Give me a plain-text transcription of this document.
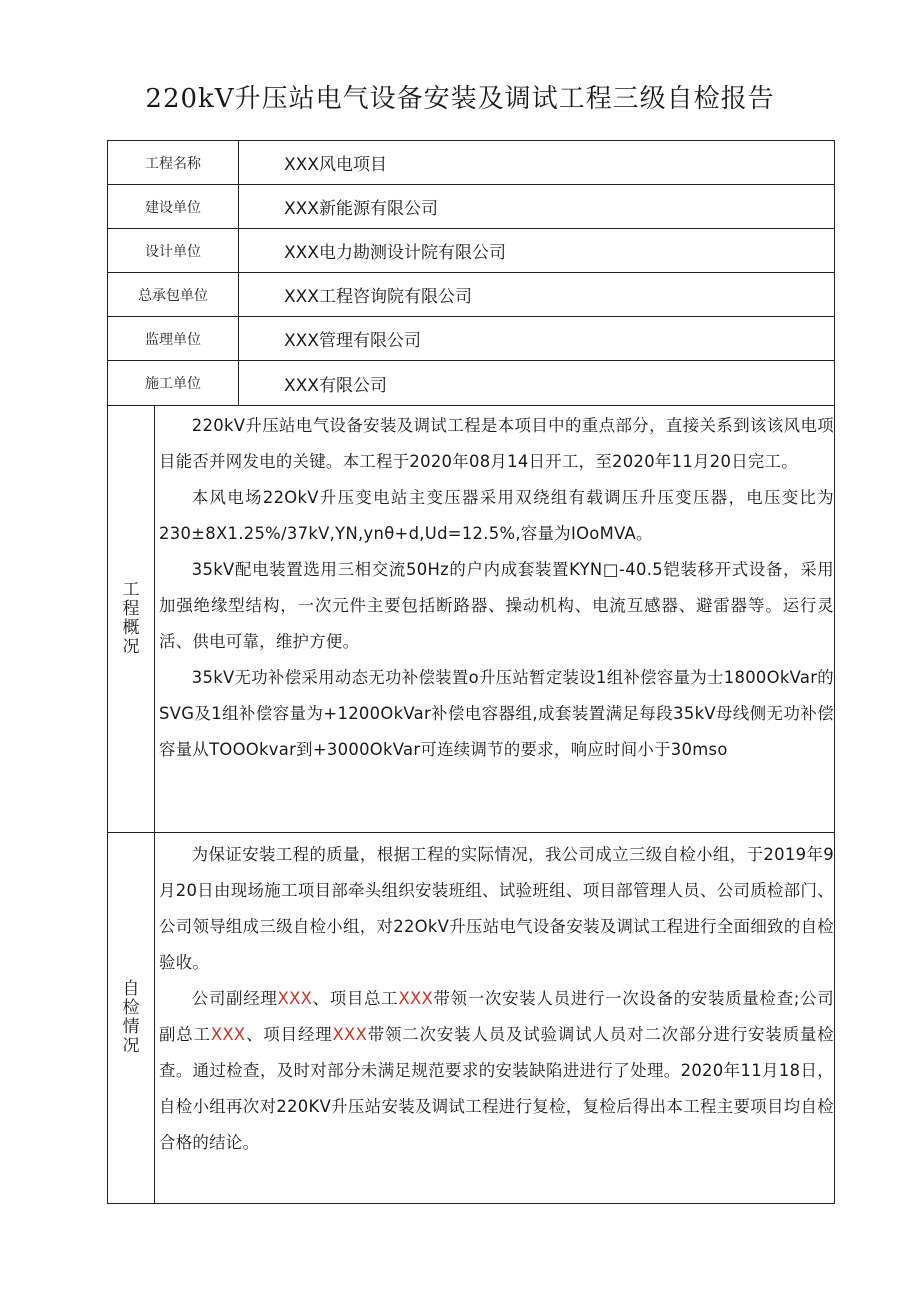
220kV升压站电气设备安装及调试工程三级自检报告
工程名称	XXX风电项目
建设单位	XXX新能源有限公司
设计单位	XXX电力勘测设计院有限公司
总承包单位	XXX工程咨询院有限公司
监理单位	XXX管理有限公司
施工单位	XXX有限公司
工程概况

220kV升压站电气设备安装及调试工程是本项目中的重点部分，直接关系到该该风电项目能否并网发电的关键。本工程于2020年08月14日开工，至2020年11月20日完工。

本风电场22OkV升压变电站主变压器采用双绕组有载调压升压变压器，电压变比为230±8X1.25%∕37kV,YN,ynθ+d,Ud=12.5%,容量为IOoMVA。

35kV配电装置选用三相交流50Hz的户内成套装置KYN□-40.5铠装移开式设备，采用加强绝缘型结构，一次元件主要包括断路器、操动机构、电流互感器、避雷器等。运行灵活、供电可靠，维护方便。

35kV无功补偿采用动态无功补偿装置o升压站暂定装设1组补偿容量为士1800OkVar的SVG及1组补偿容量为+1200OkVar补偿电容器组,成套装置满足每段35kV母线侧无功补偿容量从TOOOkvar到+3000OkVar可连续调节的要求，响应时间小于30mso

自检情况

为保证安装工程的质量，根据工程的实际情况，我公司成立三级自检小组，于2019年9月20日由现场施工项目部牵头组织安装班组、试验班组、项目部管理人员、公司质检部门、公司领导组成三级自检小组，对22OkV升压站电气设备安装及调试工程进行全面细致的自检验收。

公司副经理XXX、项目总工XXX带领一次安装人员进行一次设备的安装质量检查;公司副总工XXX、项目经理XXX带领二次安装人员及试验调试人员对二次部分进行安装质量检查。通过检查，及时对部分未满足规范要求的安装缺陷进进行了处理。2020年11月18日，自检小组再次对220KV升压站安装及调试工程进行复检，复检后得出本工程主要项目均自检合格的结论。
